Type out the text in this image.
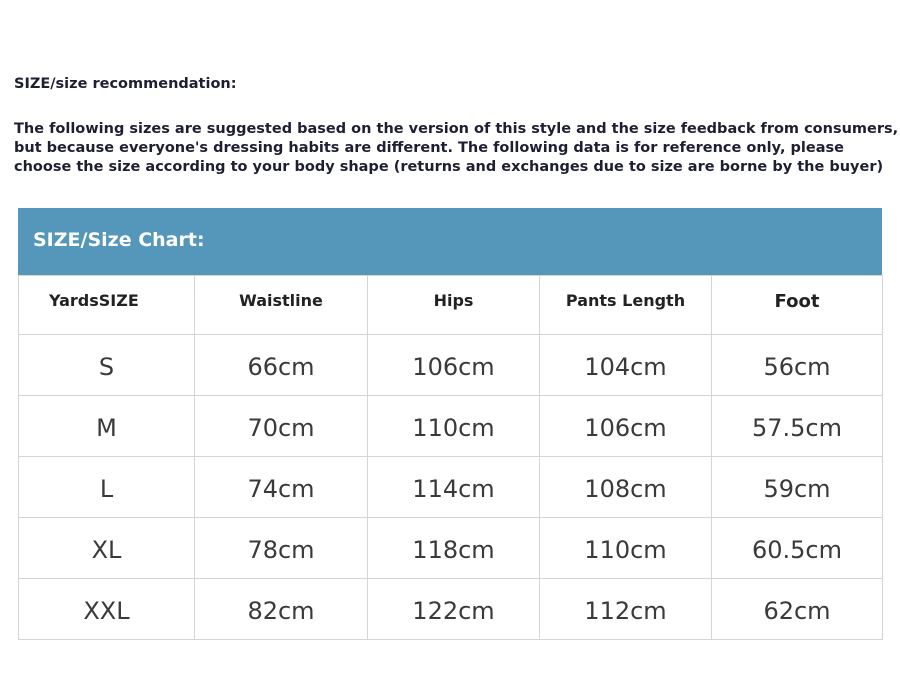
SIZE/size recommendation:
The following sizes are suggested based on the version of this style and the size feedback from consumers,
but because everyone's dressing habits are different. The following data is for reference only, please
choose the size according to your body shape (returns and exchanges due to size are borne by the buyer)
SIZE/Size Chart:
YardsSIZE	Waistline	Hips	Pants Length	Foot
S	66cm	106cm	104cm	56cm
M	70cm	110cm	106cm	57.5cm
L	74cm	114cm	108cm	59cm
XL	78cm	118cm	110cm	60.5cm
XXL	82cm	122cm	112cm	62cm
